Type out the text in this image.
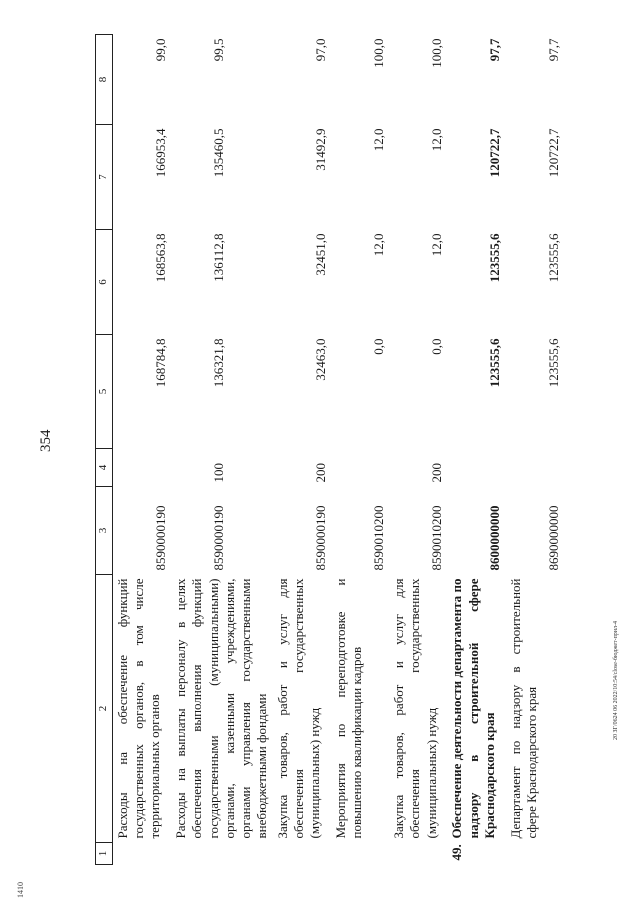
354
20 ЗГ/0624 06 2022/10:54/close-бюджет-прил-4
1410
1	2	3	4	5	6	7	8
	Расходы на обеспечение функций государственных органов, в том числе территориальных органов	8590000190		168784,8	168563,8	166953,4	99,0
	Расходы на выплаты персоналу в целях обеспечения выполнения функций государственными (муниципальными) органами, казенными учреждениями, органами управления государственными внебюджетными фондами	8590000190	100	136321,8	136112,8	135460,5	99,5
	Закупка товаров, работ и услуг для обеспечения государственных (муниципальных) нужд	8590000190	200	32463,0	32451,0	31492,9	97,0
	Мероприятия по переподготовке и повышению квалификации кадров	8590010200		0,0	12,0	12,0	100,0
	Закупка товаров, работ и услуг для обеспечения государственных (муниципальных) нужд	8590010200	200	0,0	12,0	12,0	100,0
49.	Обеспечение деятельности департамента по надзору в строительной сфере Краснодарского края	8600000000		123555,6	123555,6	120722,7	97,7
	Департамент по надзору в строительной сфере Краснодарского края	8690000000		123555,6	123555,6	120722,7	97,7
